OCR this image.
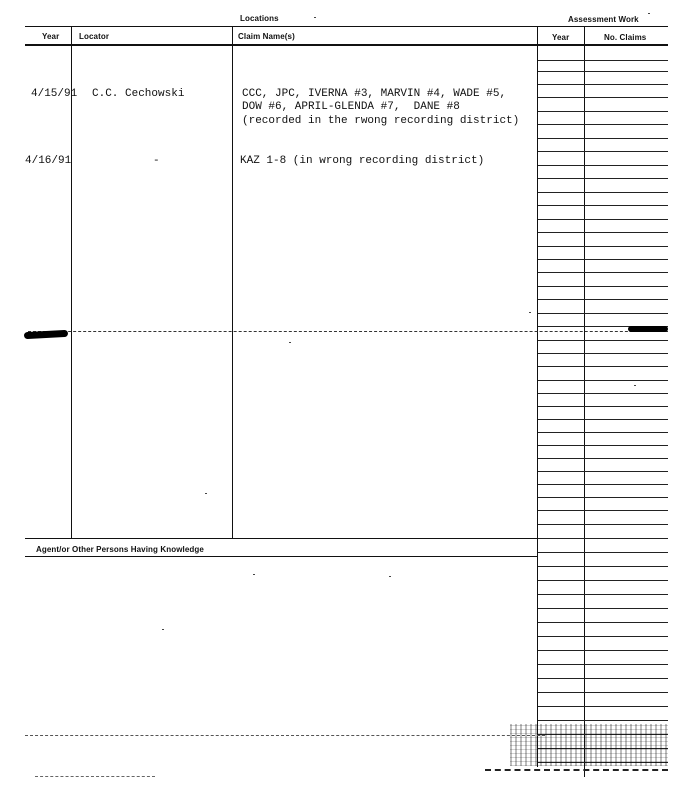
Locations	Assessment Work
Year Locator	Claim Name(s)	Year	No. Claims
4/15/91 C.C. Cechowski	CCC, JPC, IVERNA #3, MARVIN #4, WADE #5,
DOW #6, APRIL-GLENDA #7,  DANE #8
(recorded in the rwong recording district)
4/16/91	-	KAZ 1-8 (in wrong recording district)
Agent/or Other Persons Having Knowledge
